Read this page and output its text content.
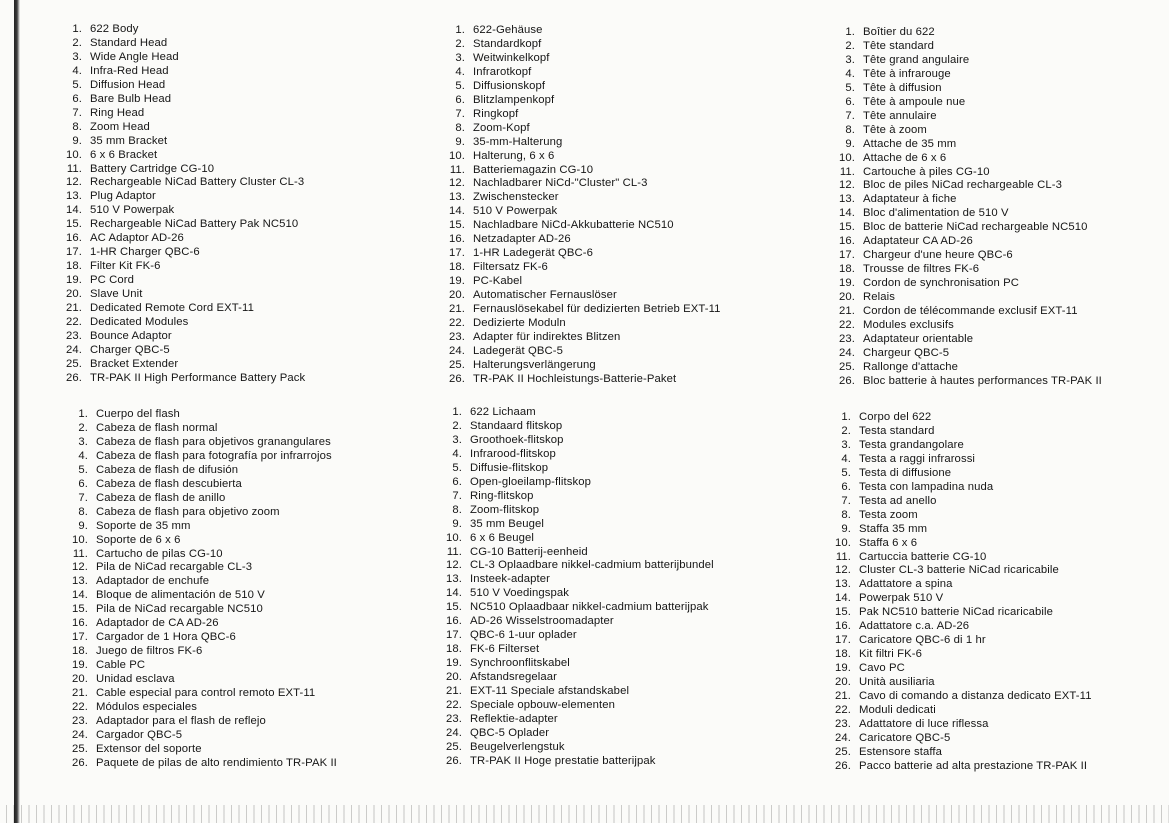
1. 622 Body
2. Standard Head
3. Wide Angle Head
4. Infra-Red Head
5. Diffusion Head
6. Bare Bulb Head
7. Ring Head
8. Zoom Head
9. 35 mm Bracket
10. 6 x 6 Bracket
11. Battery Cartridge CG-10
12. Rechargeable NiCad Battery Cluster CL-3
13. Plug Adaptor
14. 510 V Powerpak
15. Rechargeable NiCad Battery Pak NC510
16. AC Adaptor AD-26
17. 1-HR Charger QBC-6
18. Filter Kit FK-6
19. PC Cord
20. Slave Unit
21. Dedicated Remote Cord EXT-11
22. Dedicated Modules
23. Bounce Adaptor
24. Charger QBC-5
25. Bracket Extender
26. TR-PAK II High Performance Battery Pack
1. 622-Gehäuse
2. Standardkopf
3. Weitwinkelkopf
4. Infrarotkopf
5. Diffusionskopf
6. Blitzlampenkopf
7. Ringkopf
8. Zoom-Kopf
9. 35-mm-Halterung
10. Halterung, 6 x 6
11. Batteriemagazin CG-10
12. Nachladbarer NiCd-"Cluster" CL-3
13. Zwischenstecker
14. 510 V Powerpak
15. Nachladbare NiCd-Akkubatterie NC510
16. Netzadapter AD-26
17. 1-HR Ladegerät QBC-6
18. Filtersatz FK-6
19. PC-Kabel
20. Automatischer Fernauslöser
21. Fernauslösekabel für dedizierten Betrieb EXT-11
22. Dedizierte Moduln
23. Adapter für indirektes Blitzen
24. Ladegerät QBC-5
25. Halterungsverlängerung
26. TR-PAK II Hochleistungs-Batterie-Paket
1. Boîtier du 622
2. Tête standard
3. Tête grand angulaire
4. Tête à infrarouge
5. Tête à diffusion
6. Tête à ampoule nue
7. Tête annulaire
8. Tête à zoom
9. Attache de 35 mm
10. Attache de 6 x 6
11. Cartouche à piles CG-10
12. Bloc de piles NiCad rechargeable CL-3
13. Adaptateur à fiche
14. Bloc d'alimentation de 510 V
15. Bloc de batterie NiCad rechargeable NC510
16. Adaptateur CA AD-26
17. Chargeur d'une heure QBC-6
18. Trousse de filtres FK-6
19. Cordon de synchronisation PC
20. Relais
21. Cordon de télécommande exclusif EXT-11
22. Modules exclusifs
23. Adaptateur orientable
24. Chargeur QBC-5
25. Rallonge d'attache
26. Bloc batterie à hautes performances TR-PAK II
1. Cuerpo del flash
2. Cabeza de flash normal
3. Cabeza de flash para objetivos granangulares
4. Cabeza de flash para fotografía por infrarrojos
5. Cabeza de flash de difusión
6. Cabeza de flash descubierta
7. Cabeza de flash de anillo
8. Cabeza de flash para objetivo zoom
9. Soporte de 35 mm
10. Soporte de 6 x 6
11. Cartucho de pilas CG-10
12. Pila de NiCad recargable CL-3
13. Adaptador de enchufe
14. Bloque de alimentación de 510 V
15. Pila de NiCad recargable NC510
16. Adaptador de CA AD-26
17. Cargador de 1 Hora QBC-6
18. Juego de filtros FK-6
19. Cable PC
20. Unidad esclava
21. Cable especial para control remoto EXT-11
22. Módulos especiales
23. Adaptador para el flash de reflejo
24. Cargador QBC-5
25. Extensor del soporte
26. Paquete de pilas de alto rendimiento TR-PAK II
1. 622 Lichaam
2. Standaard flitskop
3. Groothoek-flitskop
4. Infrarood-flitskop
5. Diffusie-flitskop
6. Open-gloeilamp-flitskop
7. Ring-flitskop
8. Zoom-flitskop
9. 35 mm Beugel
10. 6 x 6 Beugel
11. CG-10 Batterij-eenheid
12. CL-3 Oplaadbare nikkel-cadmium batterijbundel
13. Insteek-adapter
14. 510 V Voedingspak
15. NC510 Oplaadbaar nikkel-cadmium batterijpak
16. AD-26 Wisselstroomadapter
17. QBC-6 1-uur oplader
18. FK-6 Filterset
19. Synchroonflitskabel
20. Afstandsregelaar
21. EXT-11 Speciale afstandskabel
22. Speciale opbouw-elementen
23. Reflektie-adapter
24. QBC-5 Oplader
25. Beugelverlengstuk
26. TR-PAK II Hoge prestatie batterijpak
1. Corpo del 622
2. Testa standard
3. Testa grandangolare
4. Testa a raggi infrarossi
5. Testa di diffusione
6. Testa con lampadina nuda
7. Testa ad anello
8. Testa zoom
9. Staffa 35 mm
10. Staffa 6 x 6
11. Cartuccia batterie CG-10
12. Cluster CL-3 batterie NiCad ricaricabile
13. Adattatore a spina
14. Powerpak 510 V
15. Pak NC510 batterie NiCad ricaricabile
16. Adattatore c.a. AD-26
17. Caricatore QBC-6 di 1 hr
18. Kit filtri FK-6
19. Cavo PC
20. Unità ausiliaria
21. Cavo di comando a distanza dedicato EXT-11
22. Moduli dedicati
23. Adattatore di luce riflessa
24. Caricatore QBC-5
25. Estensore staffa
26. Pacco batterie ad alta prestazione TR-PAK II
